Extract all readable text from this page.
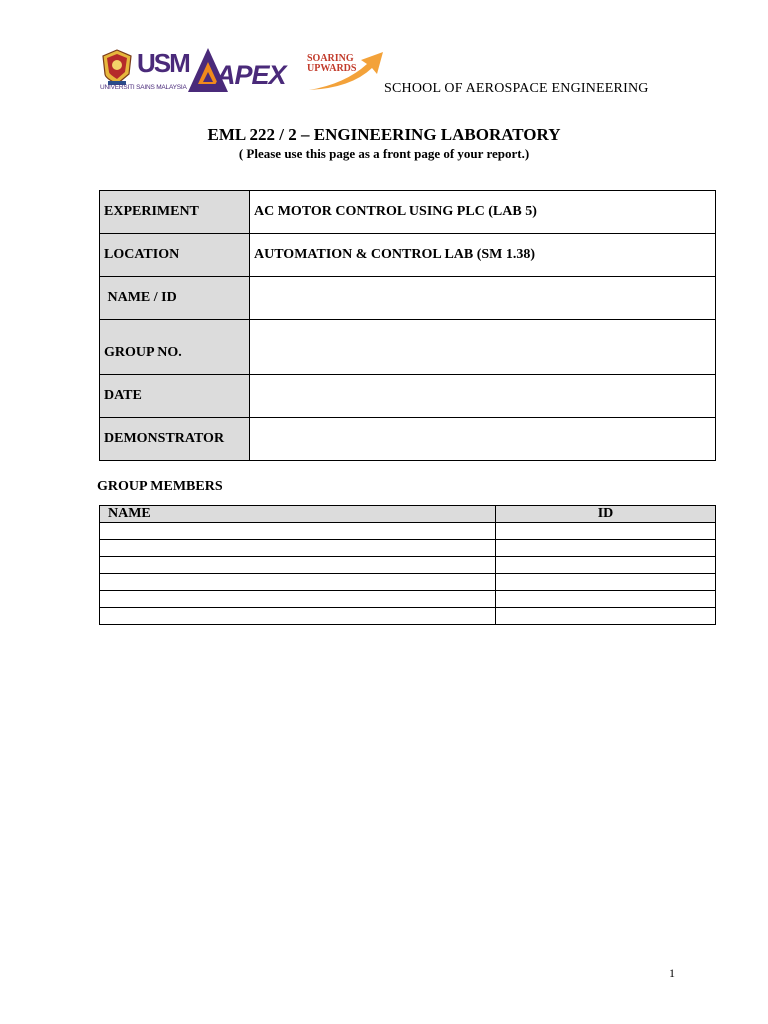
USM
UNIVERSITI SAINS MALAYSIA APEX
SOARING UPWARDS
SCHOOL OF AEROSPACE ENGINEERING
EML 222 / 2 – ENGINEERING LABORATORY
( Please use this page as a front page of your report.)
EXPERIMENT	AC MOTOR CONTROL USING PLC (LAB 5)
LOCATION	AUTOMATION & CONTROL LAB (SM 1.38)
NAME / ID	
GROUP NO.	
DATE	
DEMONSTRATOR	
GROUP MEMBERS
NAME	ID

1
